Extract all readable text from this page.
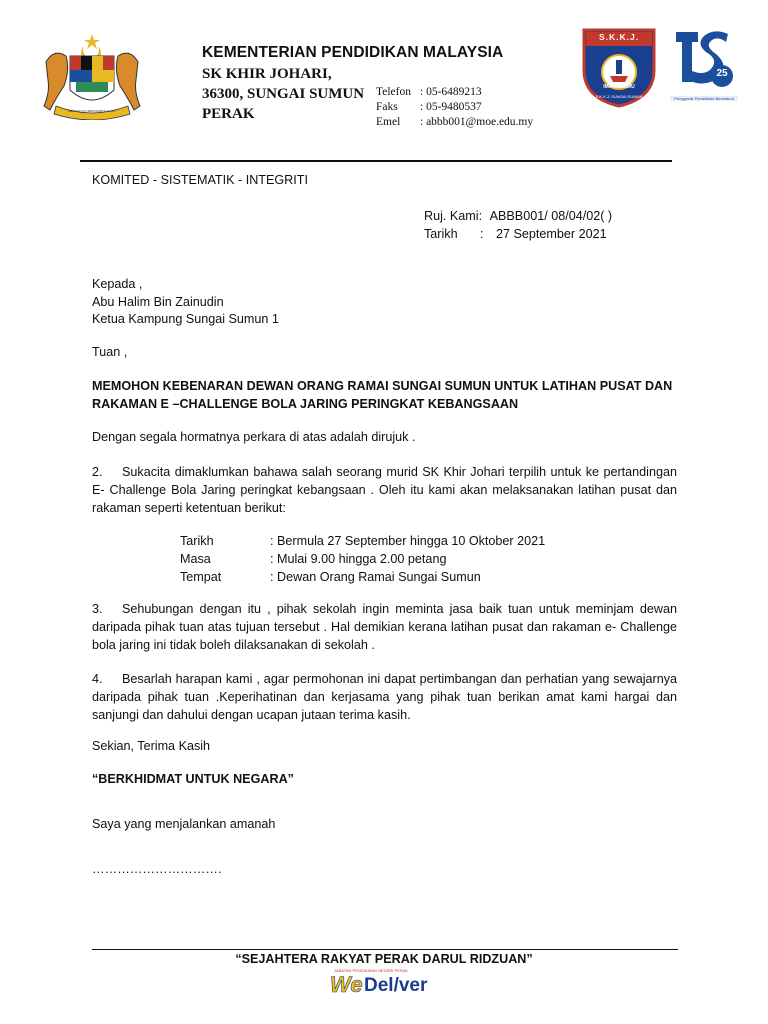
BERSEKUTU BERTAMBAH MUTU
KEMENTERIAN PENDIDIKAN MALAYSIA
SK KHIR JOHARI,
36300, SUNGAI SUMUN
PERAK
Telefon : 05-6489213
Faks : 05-9480537
Emel : abbb001@moe.edu.my
S.K.K.J.
IMAN & ILMU
S.K.K.J. SUNGAI SUMUN
25
Penggerak Pendidikan Bermakna
KOMITED - SISTEMATIK - INTEGRITI
Ruj. Kami: ABBB001/ 08/04/02( )
Tarikh : 27 September 2021
Kepada ,
Abu Halim Bin Zainudin
Ketua Kampung Sungai Sumun 1
Tuan ,
MEMOHON KEBENARAN DEWAN ORANG RAMAI SUNGAI SUMUN UNTUK LATIHAN PUSAT DAN RAKAMAN E –CHALLENGE BOLA JARING PERINGKAT KEBANGSAAN
Dengan segala hormatnya perkara di atas adalah dirujuk .
2. Sukacita dimaklumkan bahawa salah seorang murid SK Khir Johari terpilih untuk ke pertandingan E- Challenge Bola Jaring peringkat kebangsaan . Oleh itu kami akan melaksanakan latihan pusat dan rakaman seperti ketentuan berikut:
Tarikh	: Bermula 27 September hingga 10 Oktober 2021
Masa	: Mulai 9.00 hingga 2.00 petang
Tempat	: Dewan Orang Ramai Sungai Sumun
3. Sehubungan dengan itu , pihak sekolah ingin meminta jasa baik tuan untuk meminjam dewan daripada pihak tuan atas tujuan tersebut . Hal demikian kerana latihan pusat dan rakaman e- Challenge bola jaring ini tidak boleh dilaksanakan di sekolah .
4. Besarlah harapan kami , agar permohonan ini dapat pertimbangan dan perhatian yang sewajarnya daripada pihak tuan .Keperihatinan dan kerjasama yang pihak tuan berikan amat kami hargai dan sanjungi dan dahului dengan ucapan jutaan terima kasih.
Sekian, Terima Kasih
“BERKHIDMAT UNTUK NEGARA”
Saya yang menjalankan amanah
………………………….
“SEJAHTERA RAKYAT PERAK DARUL RIDZUAN”
JABATAN PENDIDIKAN NEGERI PERAK
We Del/ver
